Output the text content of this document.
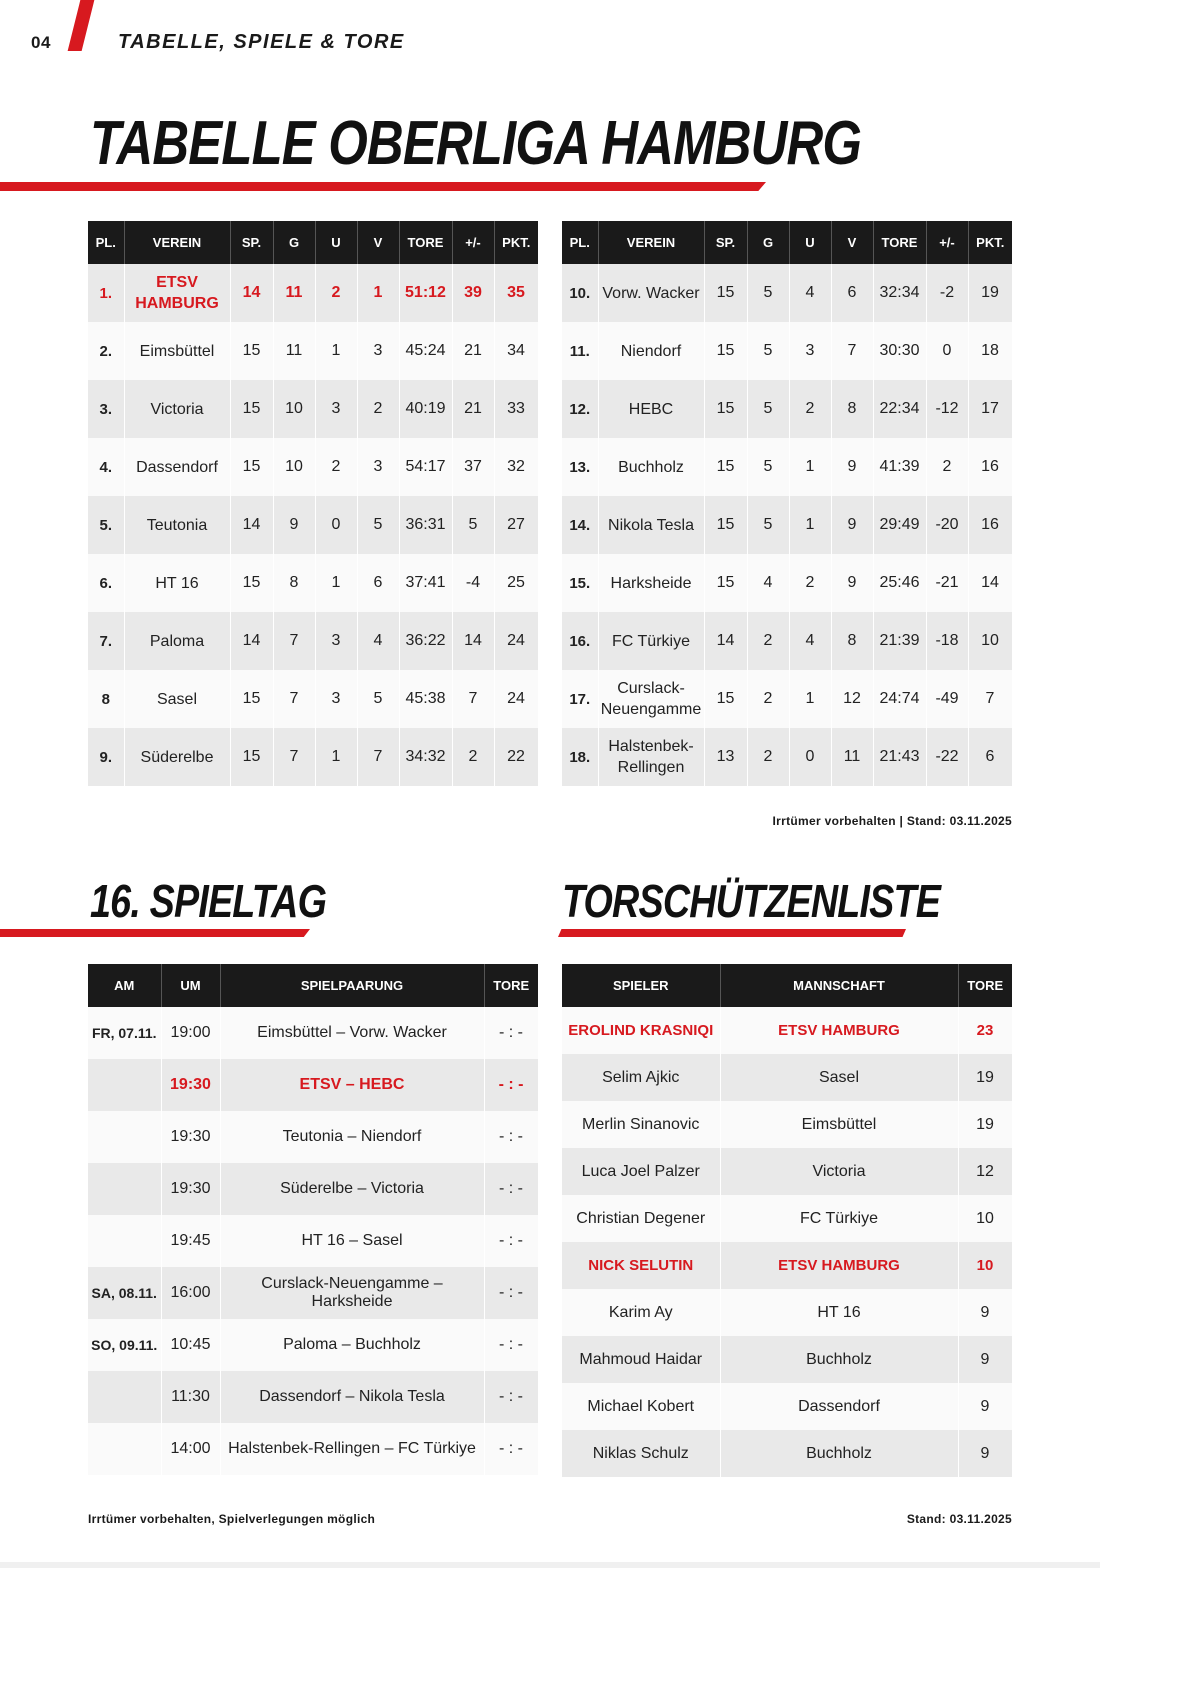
04	TABELLE, SPIELE & TORE
TABELLE OBERLIGA HAMBURG
PL.	VEREIN	SP.	G	U	V	TORE	+/-	PKT.
1.	ETSV HAMBURG	14	11	2	1	51:12	39	35
2.	Eimsbüttel	15	11	1	3	45:24	21	34
3.	Victoria	15	10	3	2	40:19	21	33
4.	Dassendorf	15	10	2	3	54:17	37	32
5.	Teutonia	14	9	0	5	36:31	5	27
6.	HT 16	15	8	1	6	37:41	-4	25
7.	Paloma	14	7	3	4	36:22	14	24
8	Sasel	15	7	3	5	45:38	7	24
9.	Süderelbe	15	7	1	7	34:32	2	22
PL.	VEREIN	SP.	G	U	V	TORE	+/-	PKT.
10.	Vorw. Wacker	15	5	4	6	32:34	-2	19
11.	Niendorf	15	5	3	7	30:30	0	18
12.	HEBC	15	5	2	8	22:34	-12	17
13.	Buchholz	15	5	1	9	41:39	2	16
14.	Nikola Tesla	15	5	1	9	29:49	-20	16
15.	Harksheide	15	4	2	9	25:46	-21	14
16.	FC Türkiye	14	2	4	8	21:39	-18	10
17.	Curslack-Neuengamme	15	2	1	12	24:74	-49	7
18.	Halstenbek-Rellingen	13	2	0	11	21:43	-22	6
Irrtümer vorbehalten | Stand: 03.11.2025
16. SPIELTAG
AM	UM	SPIELPAARUNG	TORE
FR, 07.11.	19:00	Eimsbüttel – Vorw. Wacker	- : -
	19:30	ETSV – HEBC	- : -
	19:30	Teutonia – Niendorf	- : -
	19:30	Süderelbe – Victoria	- : -
	19:45	HT 16 – Sasel	- : -
SA, 08.11.	16:00	Curslack-Neuengamme – Harksheide	- : -
SO, 09.11.	10:45	Paloma – Buchholz	- : -
	11:30	Dassendorf – Nikola Tesla	- : -
	14:00	Halstenbek-Rellingen – FC Türkiye	- : -
TORSCHÜTZENLISTE
SPIELER	MANNSCHAFT	TORE
EROLIND KRASNIQI	ETSV HAMBURG	23
Selim Ajkic	Sasel	19
Merlin Sinanovic	Eimsbüttel	19
Luca Joel Palzer	Victoria	12
Christian Degener	FC Türkiye	10
NICK SELUTIN	ETSV HAMBURG	10
Karim Ay	HT 16	9
Mahmoud Haidar	Buchholz	9
Michael Kobert	Dassendorf	9
Niklas Schulz	Buchholz	9
Irrtümer vorbehalten, Spielverlegungen möglich	Stand: 03.11.2025
